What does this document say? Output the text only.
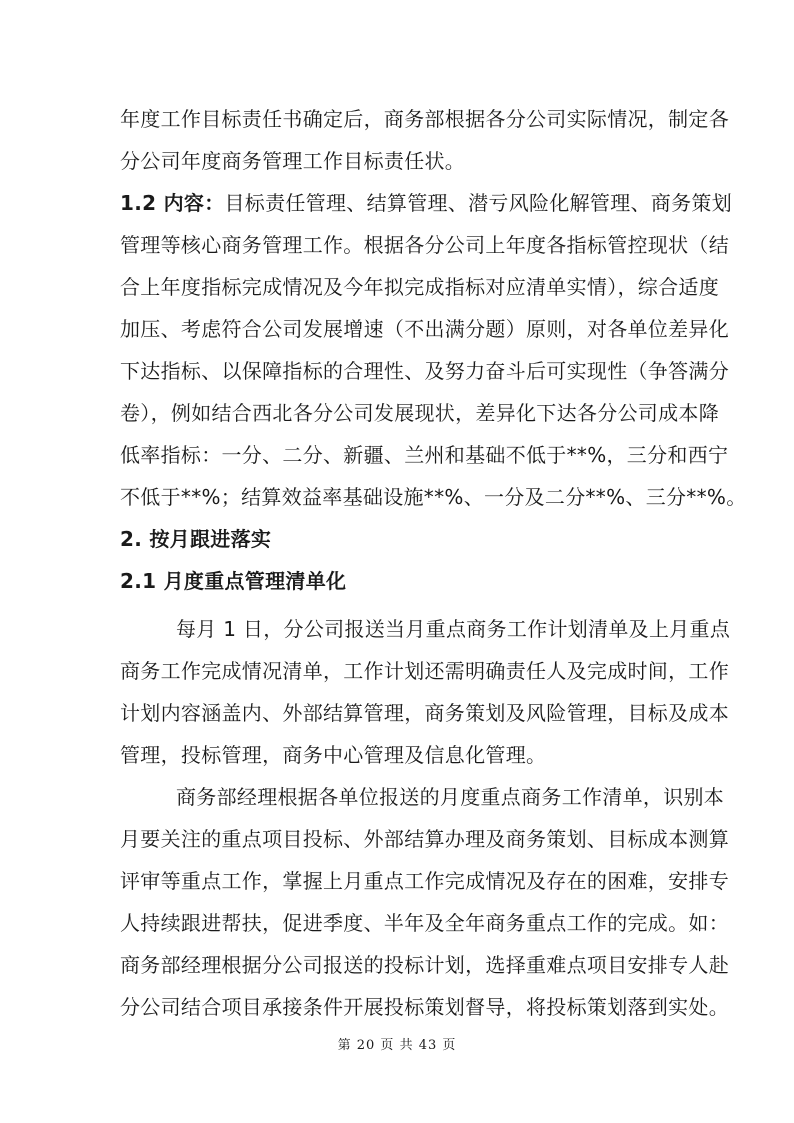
年度工作目标责任书确定后，商务部根据各分公司实际情况，制定各
分公司年度商务管理工作目标责任状。
1.2 内容：目标责任管理、结算管理、潜亏风险化解管理、商务策划
管理等核心商务管理工作。根据各分公司上年度各指标管控现状（结
合上年度指标完成情况及今年拟完成指标对应清单实情），综合适度
加压、考虑符合公司发展增速（不出满分题）原则，对各单位差异化
下达指标、以保障指标的合理性、及努力奋斗后可实现性（争答满分
卷），例如结合西北各分公司发展现状，差异化下达各分公司成本降
低率指标：一分、二分、新疆、兰州和基础不低于**%，三分和西宁
不低于**%；结算效益率基础设施**%、一分及二分**%、三分**%。
2. 按月跟进落实
2.1 月度重点管理清单化
每月 1 日，分公司报送当月重点商务工作计划清单及上月重点
商务工作完成情况清单，工作计划还需明确责任人及完成时间，工作
计划内容涵盖内、外部结算管理，商务策划及风险管理，目标及成本
管理，投标管理，商务中心管理及信息化管理。
商务部经理根据各单位报送的月度重点商务工作清单，识别本
月要关注的重点项目投标、外部结算办理及商务策划、目标成本测算
评审等重点工作，掌握上月重点工作完成情况及存在的困难，安排专
人持续跟进帮扶，促进季度、半年及全年商务重点工作的完成。如：
商务部经理根据分公司报送的投标计划，选择重难点项目安排专人赴
分公司结合项目承接条件开展投标策划督导，将投标策划落到实处。
第 20 页 共 43 页
